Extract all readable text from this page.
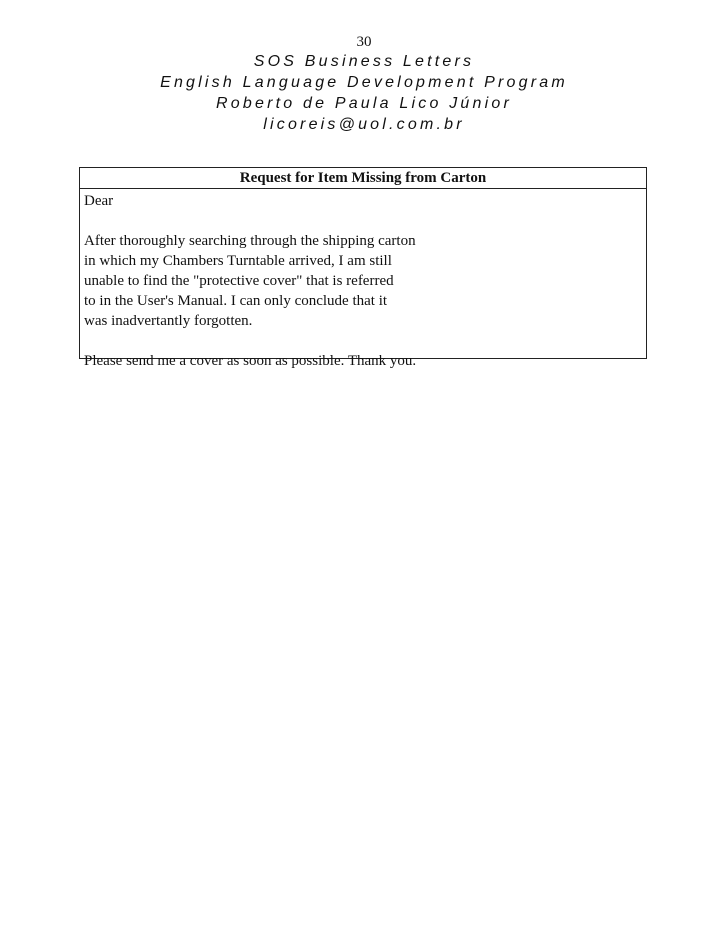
30
SOS Business Letters
English Language Development Program
Roberto de Paula Lico Júnior
licoreis@uol.com.br
Request for Item Missing from Carton
Dear
After thoroughly searching through the shipping carton
in which my Chambers Turntable arrived, I am still
unable to find the "protective cover" that is referred
to in the User's Manual. I can only conclude that it
was inadvertantly forgotten.
Please send me a cover as soon as possible. Thank you.
